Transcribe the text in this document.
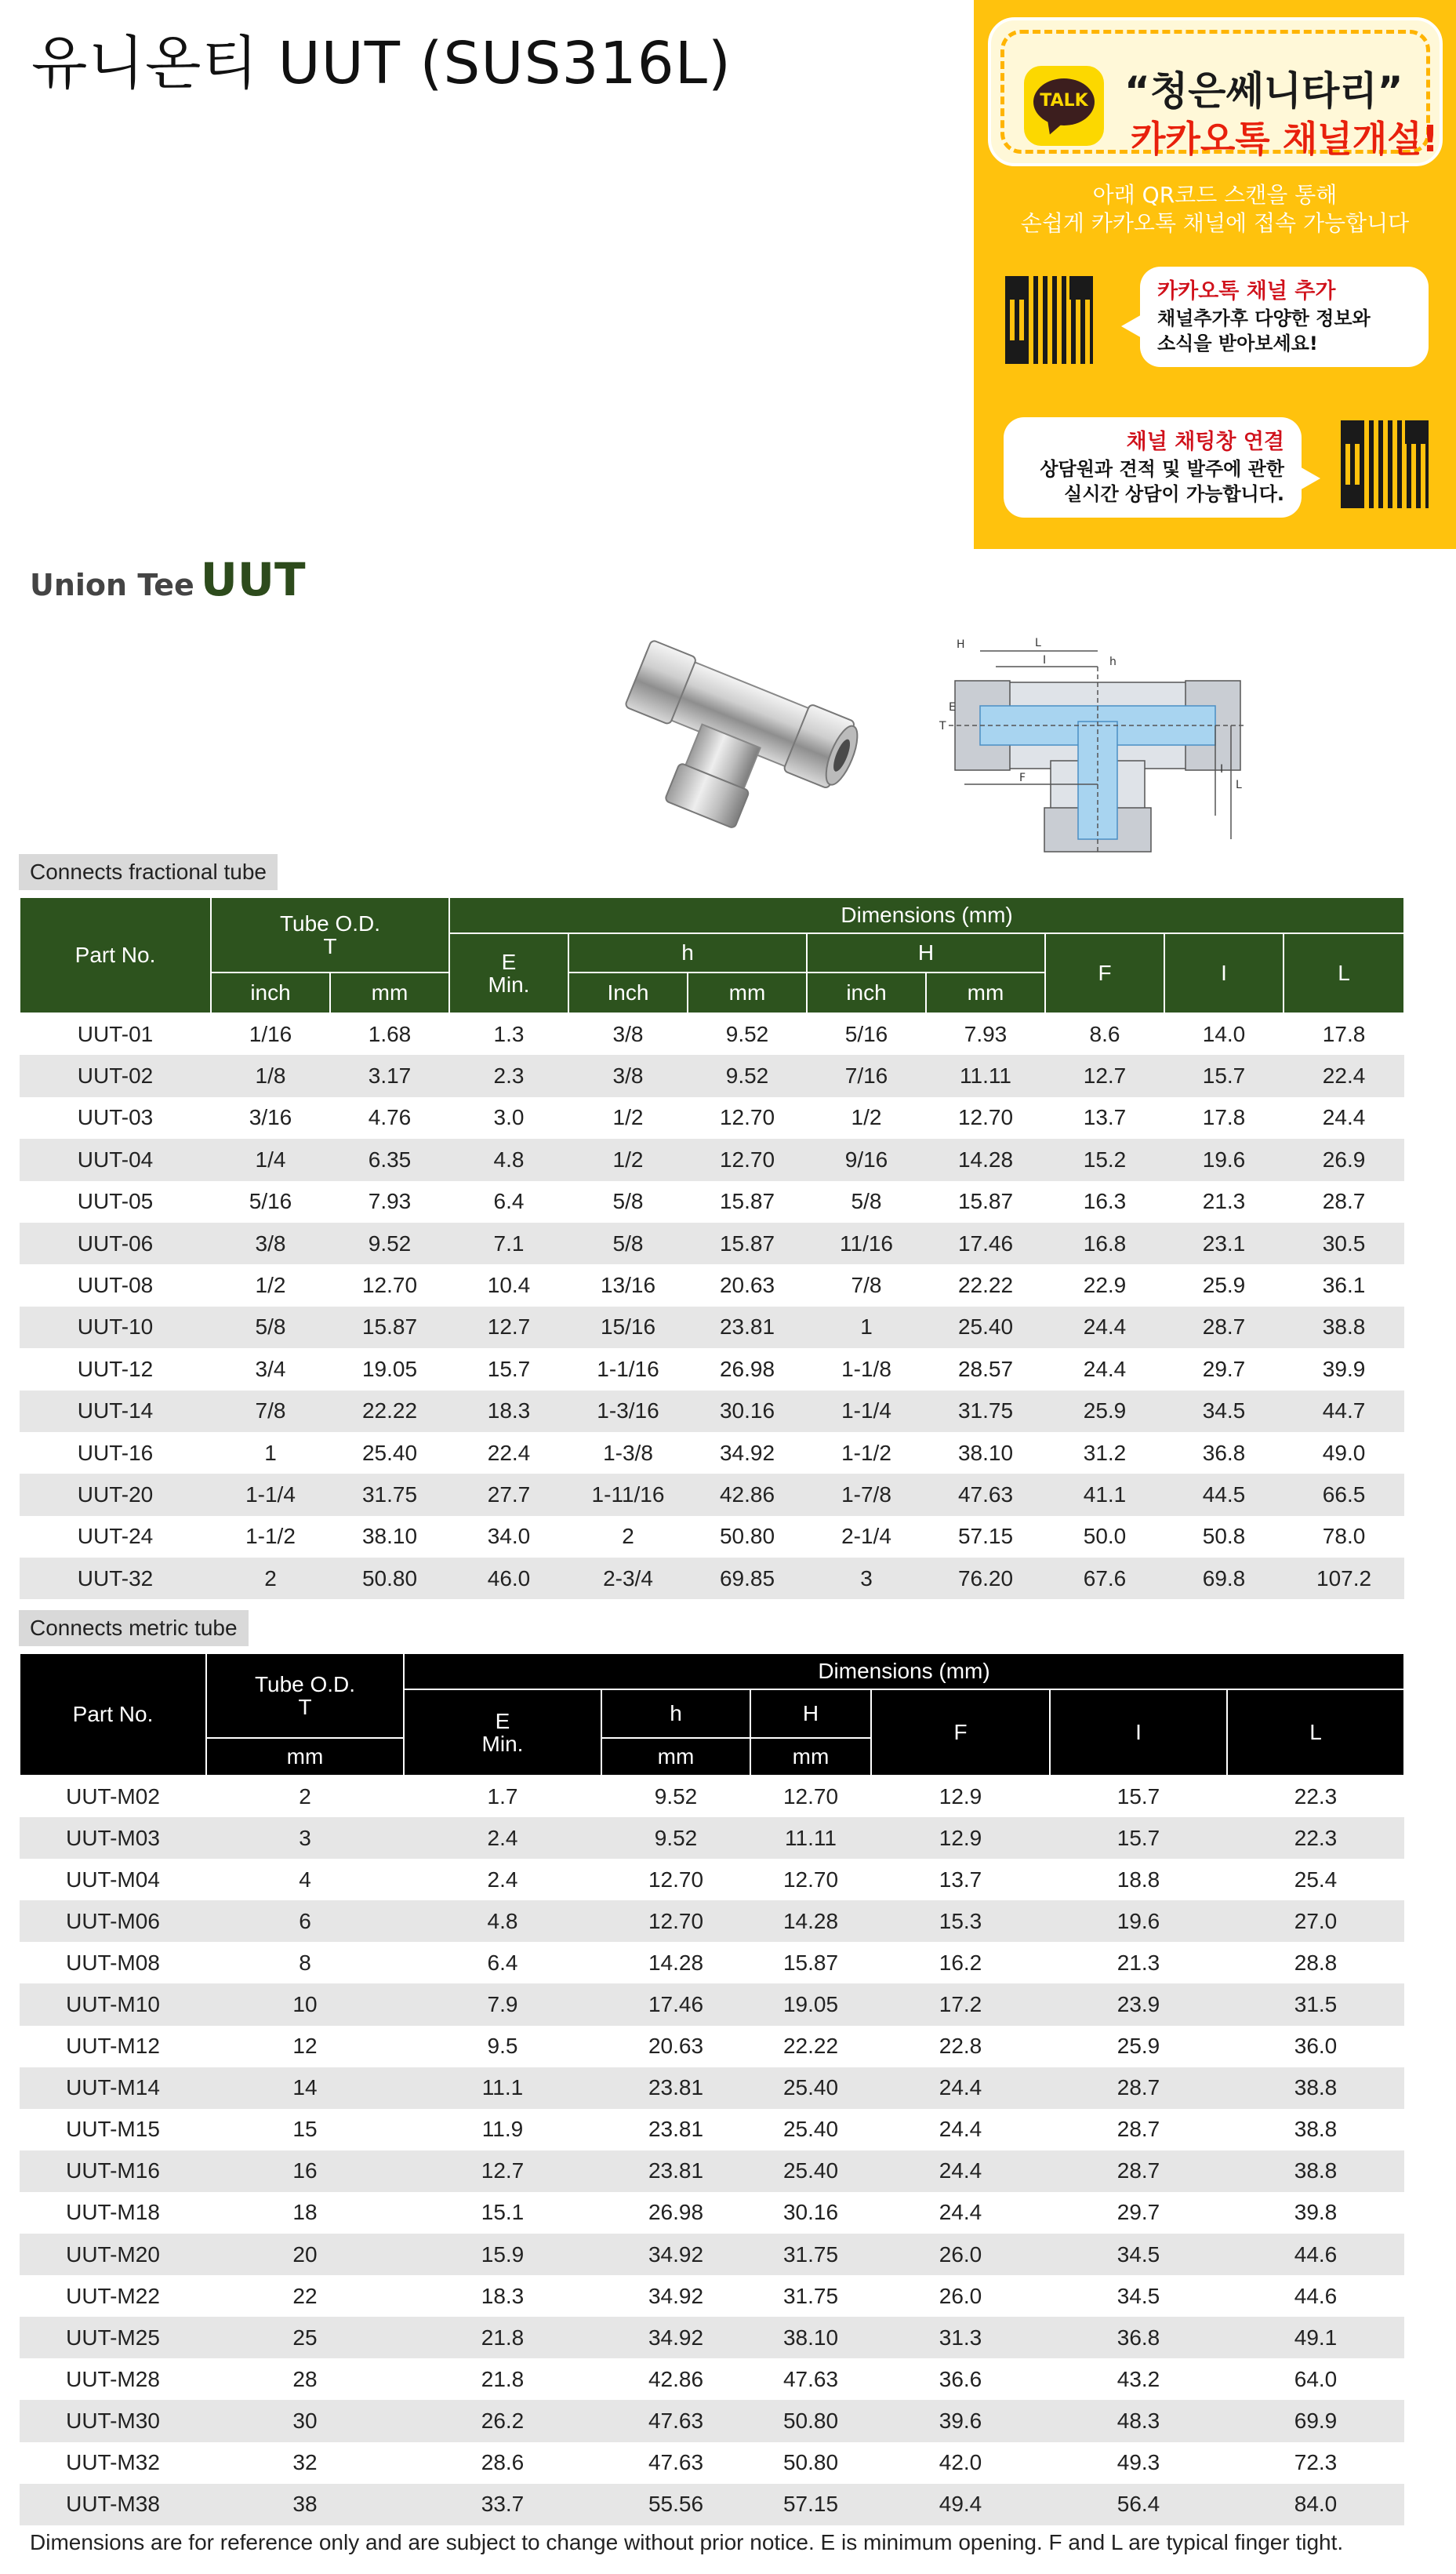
유니온티 UUT (SUS316L)
TALK “청은쎄니타리”
카카오톡 채널개설!
아래 QR코드 스캔을 통해
손쉽게 카카오톡 채널에 접속 가능합니다
카카오톡 채널 추가
채널추가후 다양한 정보와
소식을 받아보세요!
채널 채팅창 연결
상담원과 견적 및 발주에 관한
실시간 상담이 가능합니다.
Union Tee UUT
H	L
I	h
T
E
F
L
I
Connects fractional tube
Part No.	Tube O.D.
T		Dimensions (mm)							
			E
Min.	h		H		F	I	L
	inch	mm		Inch	mm	inch	mm			
UUT-01	1/16	1.68	1.3	3/8	9.52	5/16	7.93	8.6	14.0	17.8
UUT-02	1/8	3.17	2.3	3/8	9.52	7/16	11.11	12.7	15.7	22.4
UUT-03	3/16	4.76	3.0	1/2	12.70	1/2	12.70	13.7	17.8	24.4
UUT-04	1/4	6.35	4.8	1/2	12.70	9/16	14.28	15.2	19.6	26.9
UUT-05	5/16	7.93	6.4	5/8	15.87	5/8	15.87	16.3	21.3	28.7
UUT-06	3/8	9.52	7.1	5/8	15.87	11/16	17.46	16.8	23.1	30.5
UUT-08	1/2	12.70	10.4	13/16	20.63	7/8	22.22	22.9	25.9	36.1
UUT-10	5/8	15.87	12.7	15/16	23.81	1	25.40	24.4	28.7	38.8
UUT-12	3/4	19.05	15.7	1-1/16	26.98	1-1/8	28.57	24.4	29.7	39.9
UUT-14	7/8	22.22	18.3	1-3/16	30.16	1-1/4	31.75	25.9	34.5	44.7
UUT-16	1	25.40	22.4	1-3/8	34.92	1-1/2	38.10	31.2	36.8	49.0
UUT-20	1-1/4	31.75	27.7	1-11/16	42.86	1-7/8	47.63	41.1	44.5	66.5
UUT-24	1-1/2	38.10	34.0	2	50.80	2-1/4	57.15	50.0	50.8	78.0
UUT-32	2	50.80	46.0	2-3/4	69.85	3	76.20	67.6	69.8	107.2
Connects metric tube
Part No.	Tube O.D.
T	Dimensions (mm)					
		E
Min.	h	H	F	I	L
	mm		mm	mm			
UUT-M02	2	1.7	9.52	12.70	12.9	15.7	22.3
UUT-M03	3	2.4	9.52	11.11	12.9	15.7	22.3
UUT-M04	4	2.4	12.70	12.70	13.7	18.8	25.4
UUT-M06	6	4.8	12.70	14.28	15.3	19.6	27.0
UUT-M08	8	6.4	14.28	15.87	16.2	21.3	28.8
UUT-M10	10	7.9	17.46	19.05	17.2	23.9	31.5
UUT-M12	12	9.5	20.63	22.22	22.8	25.9	36.0
UUT-M14	14	11.1	23.81	25.40	24.4	28.7	38.8
UUT-M15	15	11.9	23.81	25.40	24.4	28.7	38.8
UUT-M16	16	12.7	23.81	25.40	24.4	28.7	38.8
UUT-M18	18	15.1	26.98	30.16	24.4	29.7	39.8
UUT-M20	20	15.9	34.92	31.75	26.0	34.5	44.6
UUT-M22	22	18.3	34.92	31.75	26.0	34.5	44.6
UUT-M25	25	21.8	34.92	38.10	31.3	36.8	49.1
UUT-M28	28	21.8	42.86	47.63	36.6	43.2	64.0
UUT-M30	30	26.2	47.63	50.80	39.6	48.3	69.9
UUT-M32	32	28.6	47.63	50.80	42.0	49.3	72.3
UUT-M38	38	33.7	55.56	57.15	49.4	56.4	84.0
Dimensions are for reference only and are subject to change without prior notice. E is minimum opening. F and L are typical finger tight.
